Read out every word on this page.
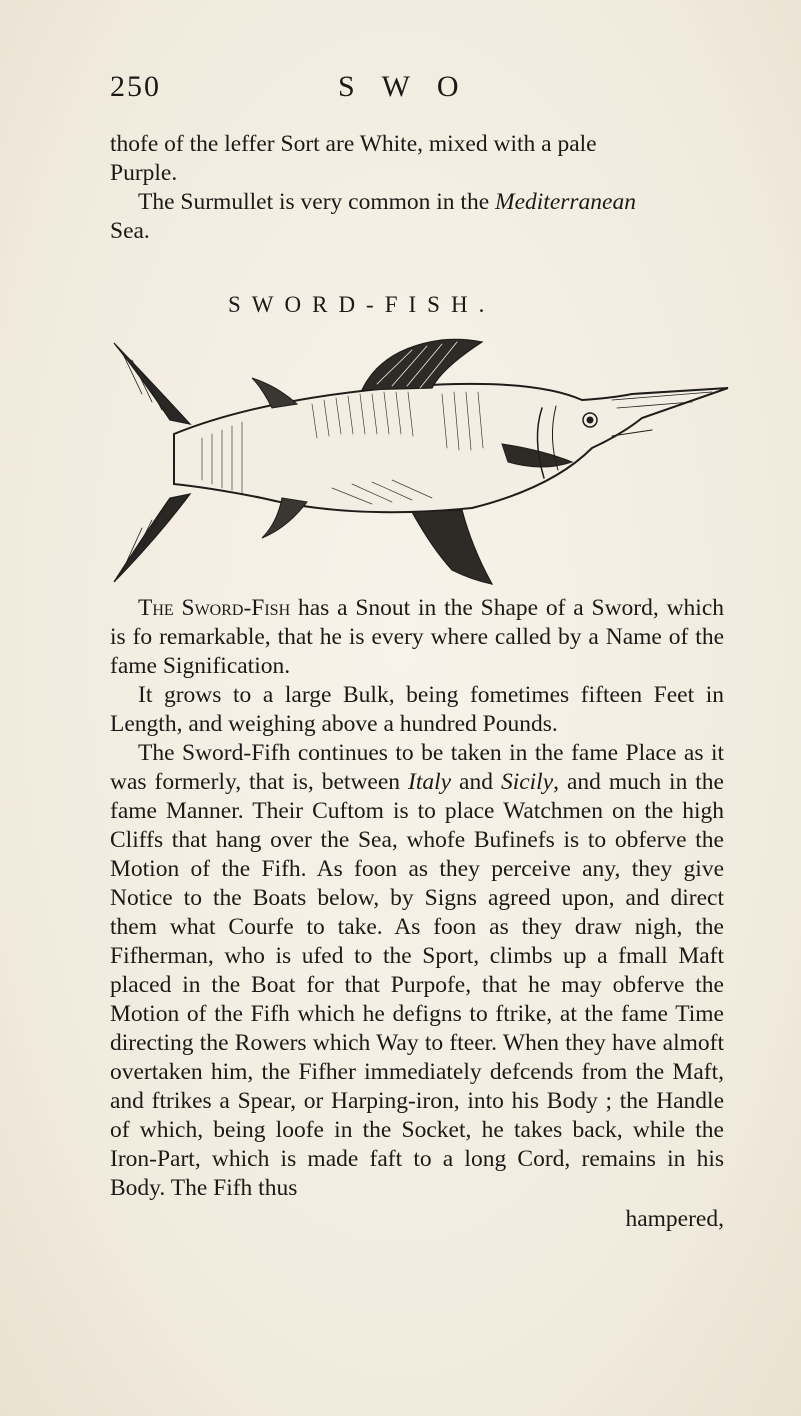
250	S W O
thofe of the leffer Sort are White, mixed with a pale
Purple.
The Surmullet is very common in the Mediterranean
Sea.
SWORD-FISH.

The Sword-Fish has a Snout in the Shape of a Sword, which is fo remarkable, that he is every where called by a Name of the fame Signification.

It grows to a large Bulk, being fometimes fifteen Feet in Length, and weighing above a hundred Pounds.

The Sword-Fifh continues to be taken in the fame Place as it was formerly, that is, between Italy and Sicily, and much in the fame Manner. Their Cuftom is to place Watchmen on the high Cliffs that hang over the Sea, whofe Bufinefs is to obferve the Motion of the Fifh. As foon as they perceive any, they give Notice to the Boats below, by Signs agreed upon, and direct them what Courfe to take. As foon as they draw nigh, the Fifherman, who is ufed to the Sport, climbs up a fmall Maft placed in the Boat for that Purpofe, that he may obferve the Motion of the Fifh which he defigns to ftrike, at the fame Time directing the Rowers which Way to fteer. When they have almoft overtaken him, the Fifher immediately defcends from the Maft, and ftrikes a Spear, or Harping-iron, into his Body ; the Handle of which, being loofe in the Socket, he takes back, while the Iron-Part, which is made faft to a long Cord, remains in his Body. The Fifh thus

hampered,
